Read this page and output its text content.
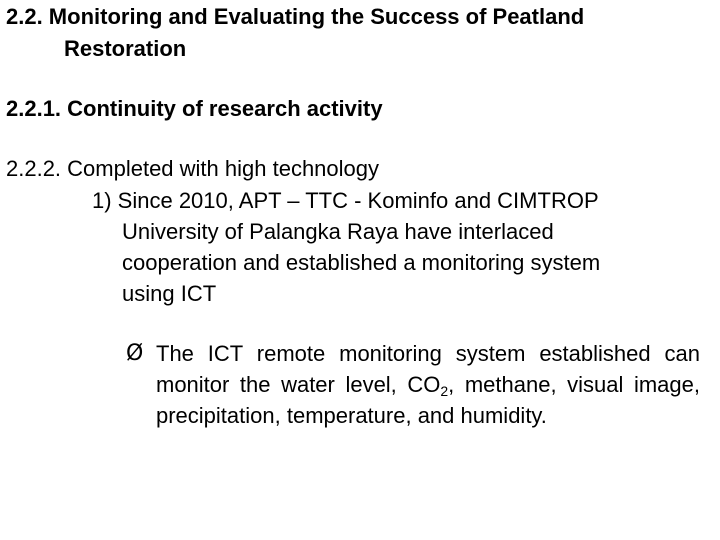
2.2. Monitoring and Evaluating the Success of Peatland
Restoration
2.2.1. Continuity of research activity
2.2.2. Completed with high technology
1) Since 2010, APT – TTC - Kominfo and CIMTROP
University of Palangka Raya have interlaced
cooperation and established a monitoring system
using ICT
Ø The ICT remote monitoring system established can monitor the water level, $CO_2$, methane, visual image, precipitation, temperature, and humidity.
